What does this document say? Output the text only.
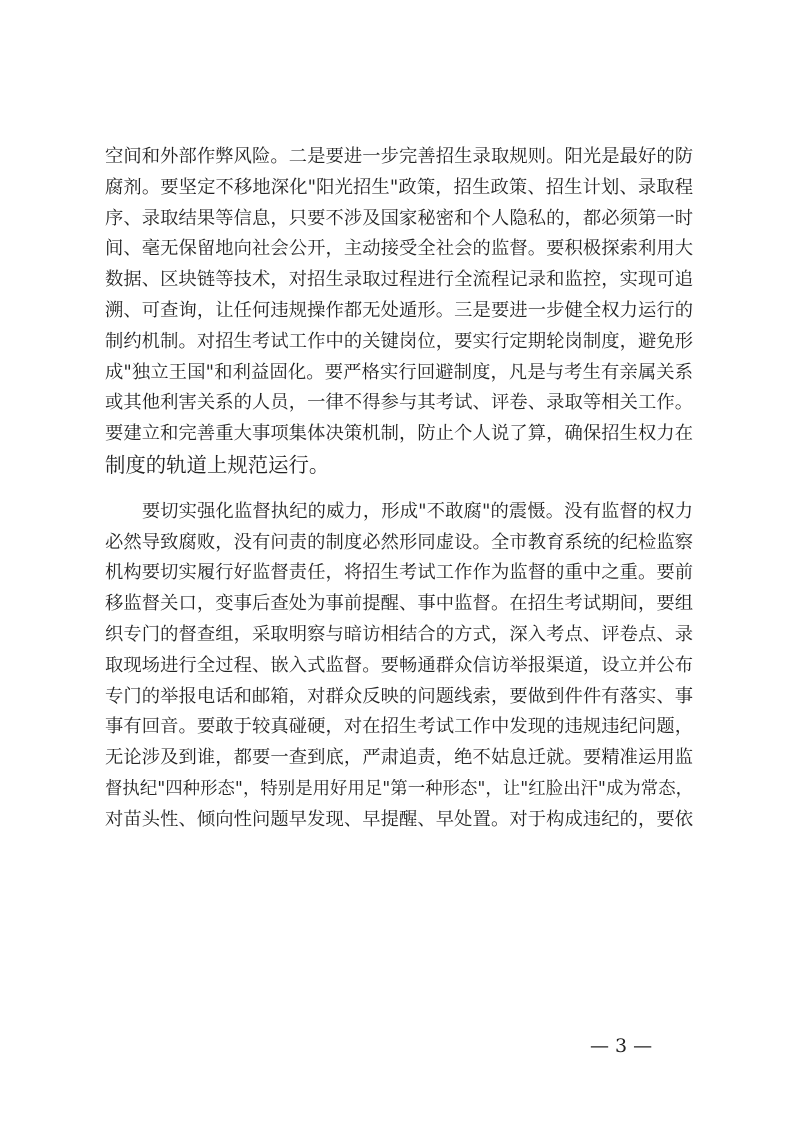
空间和外部作弊风险。二是要进一步完善招生录取规则。阳光是最好的防
腐剂。要坚定不移地深化"阳光招生"政策，招生政策、招生计划、录取程
序、录取结果等信息，只要不涉及国家秘密和个人隐私的，都必须第一时
间、毫无保留地向社会公开，主动接受全社会的监督。要积极探索利用大
数据、区块链等技术，对招生录取过程进行全流程记录和监控，实现可追
溯、可查询，让任何违规操作都无处遁形。三是要进一步健全权力运行的
制约机制。对招生考试工作中的关键岗位，要实行定期轮岗制度，避免形
成"独立王国"和利益固化。要严格实行回避制度，凡是与考生有亲属关系
或其他利害关系的人员，一律不得参与其考试、评卷、录取等相关工作。
要建立和完善重大事项集体决策机制，防止个人说了算，确保招生权力在
制度的轨道上规范运行。
　　要切实强化监督执纪的威力，形成"不敢腐"的震慑。没有监督的权力
必然导致腐败，没有问责的制度必然形同虚设。全市教育系统的纪检监察
机构要切实履行好监督责任，将招生考试工作作为监督的重中之重。要前
移监督关口，变事后查处为事前提醒、事中监督。在招生考试期间，要组
织专门的督查组，采取明察与暗访相结合的方式，深入考点、评卷点、录
取现场进行全过程、嵌入式监督。要畅通群众信访举报渠道，设立并公布
专门的举报电话和邮箱，对群众反映的问题线索，要做到件件有落实、事
事有回音。要敢于较真碰硬，对在招生考试工作中发现的违规违纪问题，
无论涉及到谁，都要一查到底，严肃追责，绝不姑息迁就。要精准运用监
督执纪"四种形态"，特别是用好用足"第一种形态"，让"红脸出汗"成为常态，
对苗头性、倾向性问题早发现、早提醒、早处置。对于构成违纪的，要依
— 3 —
